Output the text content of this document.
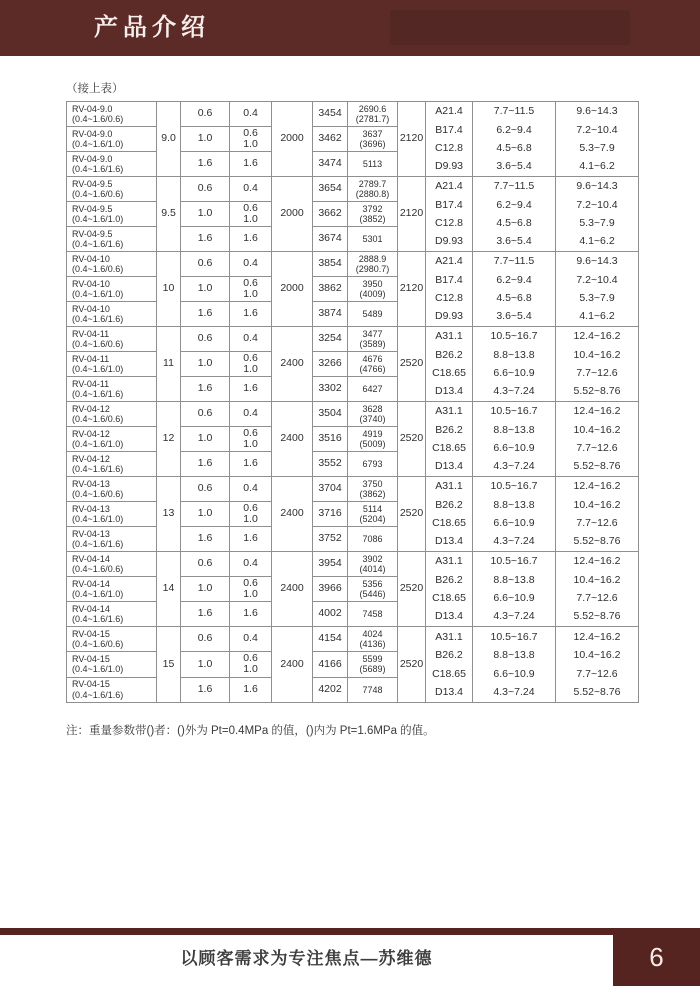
产品介绍
（接上表）
RV-04-9.0
(0.4~1.6/0.6)
RV-04-9.0
(0.4~1.6/1.0)
RV-04-9.0
(0.4~1.6/1.6)
9.0
0.6
1.0
1.6
0.4
0.6
1.0
1.6
2000
3454
3462
3474
2690.6
(2781.7)
3637
(3696)
5113
2120
A21.4
B17.4
C12.8
D9.93
7.7~11.5
6.2~9.4
4.5~6.8
3.6~5.4
9.6~14.3
7.2~10.4
5.3~7.9
4.1~6.2
RV-04-9.5
(0.4~1.6/0.6)
RV-04-9.5
(0.4~1.6/1.0)
RV-04-9.5
(0.4~1.6/1.6)
9.5
0.6
1.0
1.6
0.4
0.6
1.0
1.6
2000
3654
3662
3674
2789.7
(2880.8)
3792
(3852)
5301
2120
A21.4
B17.4
C12.8
D9.93
7.7~11.5
6.2~9.4
4.5~6.8
3.6~5.4
9.6~14.3
7.2~10.4
5.3~7.9
4.1~6.2
RV-04-10
(0.4~1.6/0.6)
RV-04-10
(0.4~1.6/1.0)
RV-04-10
(0.4~1.6/1.6)
10
0.6
1.0
1.6
0.4
0.6
1.0
1.6
2000
3854
3862
3874
2888.9
(2980.7)
3950
(4009)
5489
2120
A21.4
B17.4
C12.8
D9.93
7.7~11.5
6.2~9.4
4.5~6.8
3.6~5.4
9.6~14.3
7.2~10.4
5.3~7.9
4.1~6.2
RV-04-11
(0.4~1.6/0.6)
RV-04-11
(0.4~1.6/1.0)
RV-04-11
(0.4~1.6/1.6)
11
0.6
1.0
1.6
0.4
0.6
1.0
1.6
2400
3254
3266
3302
3477
(3589)
4676
(4766)
6427
2520
A31.1
B26.2
C18.65
D13.4
10.5~16.7
8.8~13.8
6.6~10.9
4.3~7.24
12.4~16.2
10.4~16.2
7.7~12.6
5.52~8.76
RV-04-12
(0.4~1.6/0.6)
RV-04-12
(0.4~1.6/1.0)
RV-04-12
(0.4~1.6/1.6)
12
0.6
1.0
1.6
0.4
0.6
1.0
1.6
2400
3504
3516
3552
3628
(3740)
4919
(5009)
6793
2520
A31.1
B26.2
C18.65
D13.4
10.5~16.7
8.8~13.8
6.6~10.9
4.3~7.24
12.4~16.2
10.4~16.2
7.7~12.6
5.52~8.76
RV-04-13
(0.4~1.6/0.6)
RV-04-13
(0.4~1.6/1.0)
RV-04-13
(0.4~1.6/1.6)
13
0.6
1.0
1.6
0.4
0.6
1.0
1.6
2400
3704
3716
3752
3750
(3862)
5114
(5204)
7086
2520
A31.1
B26.2
C18.65
D13.4
10.5~16.7
8.8~13.8
6.6~10.9
4.3~7.24
12.4~16.2
10.4~16.2
7.7~12.6
5.52~8.76
RV-04-14
(0.4~1.6/0.6)
RV-04-14
(0.4~1.6/1.0)
RV-04-14
(0.4~1.6/1.6)
14
0.6
1.0
1.6
0.4
0.6
1.0
1.6
2400
3954
3966
4002
3902
(4014)
5356
(5446)
7458
2520
A31.1
B26.2
C18.65
D13.4
10.5~16.7
8.8~13.8
6.6~10.9
4.3~7.24
12.4~16.2
10.4~16.2
7.7~12.6
5.52~8.76
RV-04-15
(0.4~1.6/0.6)
RV-04-15
(0.4~1.6/1.0)
RV-04-15
(0.4~1.6/1.6)
15
0.6
1.0
1.6
0.4
0.6
1.0
1.6
2400
4154
4166
4202
4024
(4136)
5599
(5689)
7748
2520
A31.1
B26.2
C18.65
D13.4
10.5~16.7
8.8~13.8
6.6~10.9
4.3~7.24
12.4~16.2
10.4~16.2
7.7~12.6
5.52~8.76

注：重量参数带()者：()外为 Pt=0.4MPa 的值，()内为 Pt=1.6MPa 的值。

以顾客需求为专注焦点—苏维德	6
